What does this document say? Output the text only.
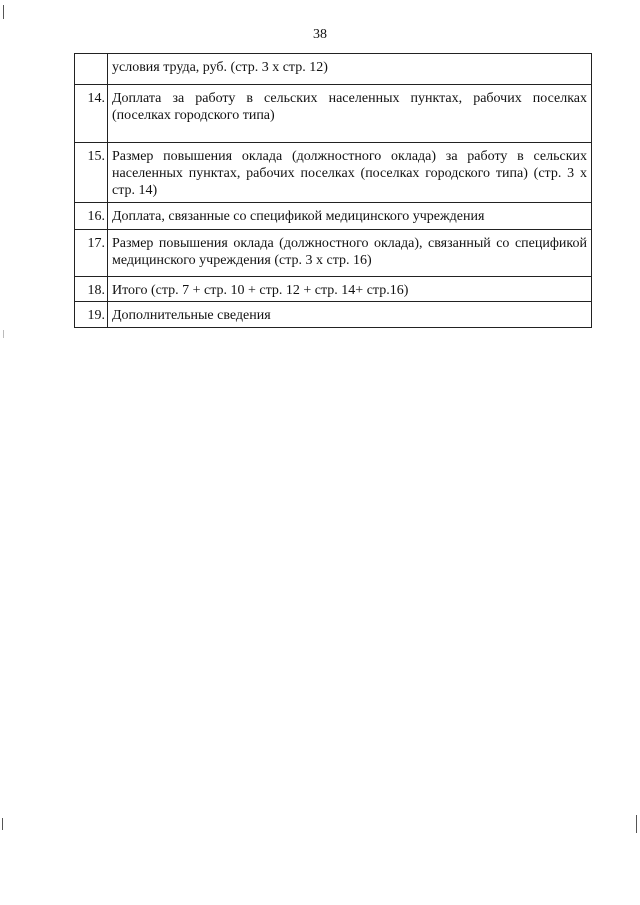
38
	условия труда, руб. (стр. 3 х стр. 12)
14.	Доплата за работу в сельских населенных пунктах, рабочих поселках (поселках городского типа)
15.	Размер повышения оклада (должностного оклада) за работу в сельских населенных пунктах, рабочих поселках (поселках городского типа) (стр. 3 х стр. 14)
16.	Доплата, связанные со спецификой медицинского учреждения
17.	Размер повышения оклада (должностного оклада), связанный со спецификой медицинского учреждения (стр. 3 х стр. 16)
18.	Итого (стр. 7 + стр. 10 + стр. 12 + стр. 14+ стр.16)
19.	Дополнительные сведения
